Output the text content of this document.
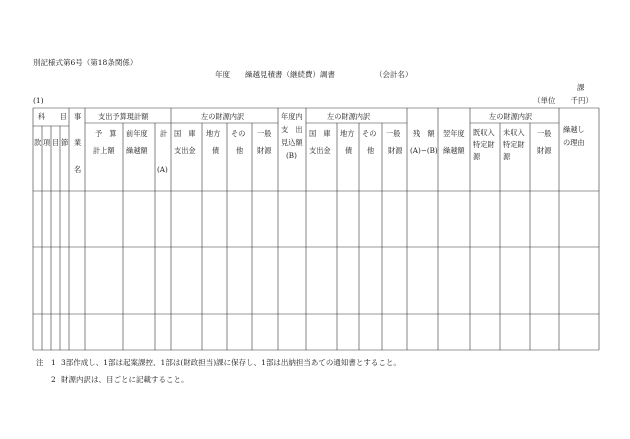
別記様式第6号（第18条関係）
年度 繰越見積書（継続費）調書	（会計名）
課
(1)	（単位　　千円）
科　　目
款 項 目 節
事
業
名
支出予算現計額
予　算
計上額
前年度
繰越額
計
(A)
左の財源内訳
国　庫
支出金
地方
債
その
他
一般
財源
年度内
支　出
見込額
(B)
左の財源内訳
国　庫
支出金
地方
債
その
他
一般
財源
残　額
(A)−(B)
翌年度
繰越額
左の財源内訳
既収入
特定財
源
未収入
特定財
源
一般
財源
繰越し
の理由
注 1 3部作成し、1部は起案課控、1部は(財政担当)課に保存し、1部は出納担当あての通知書とすること。
2 財源内訳は、目ごとに記載すること。
